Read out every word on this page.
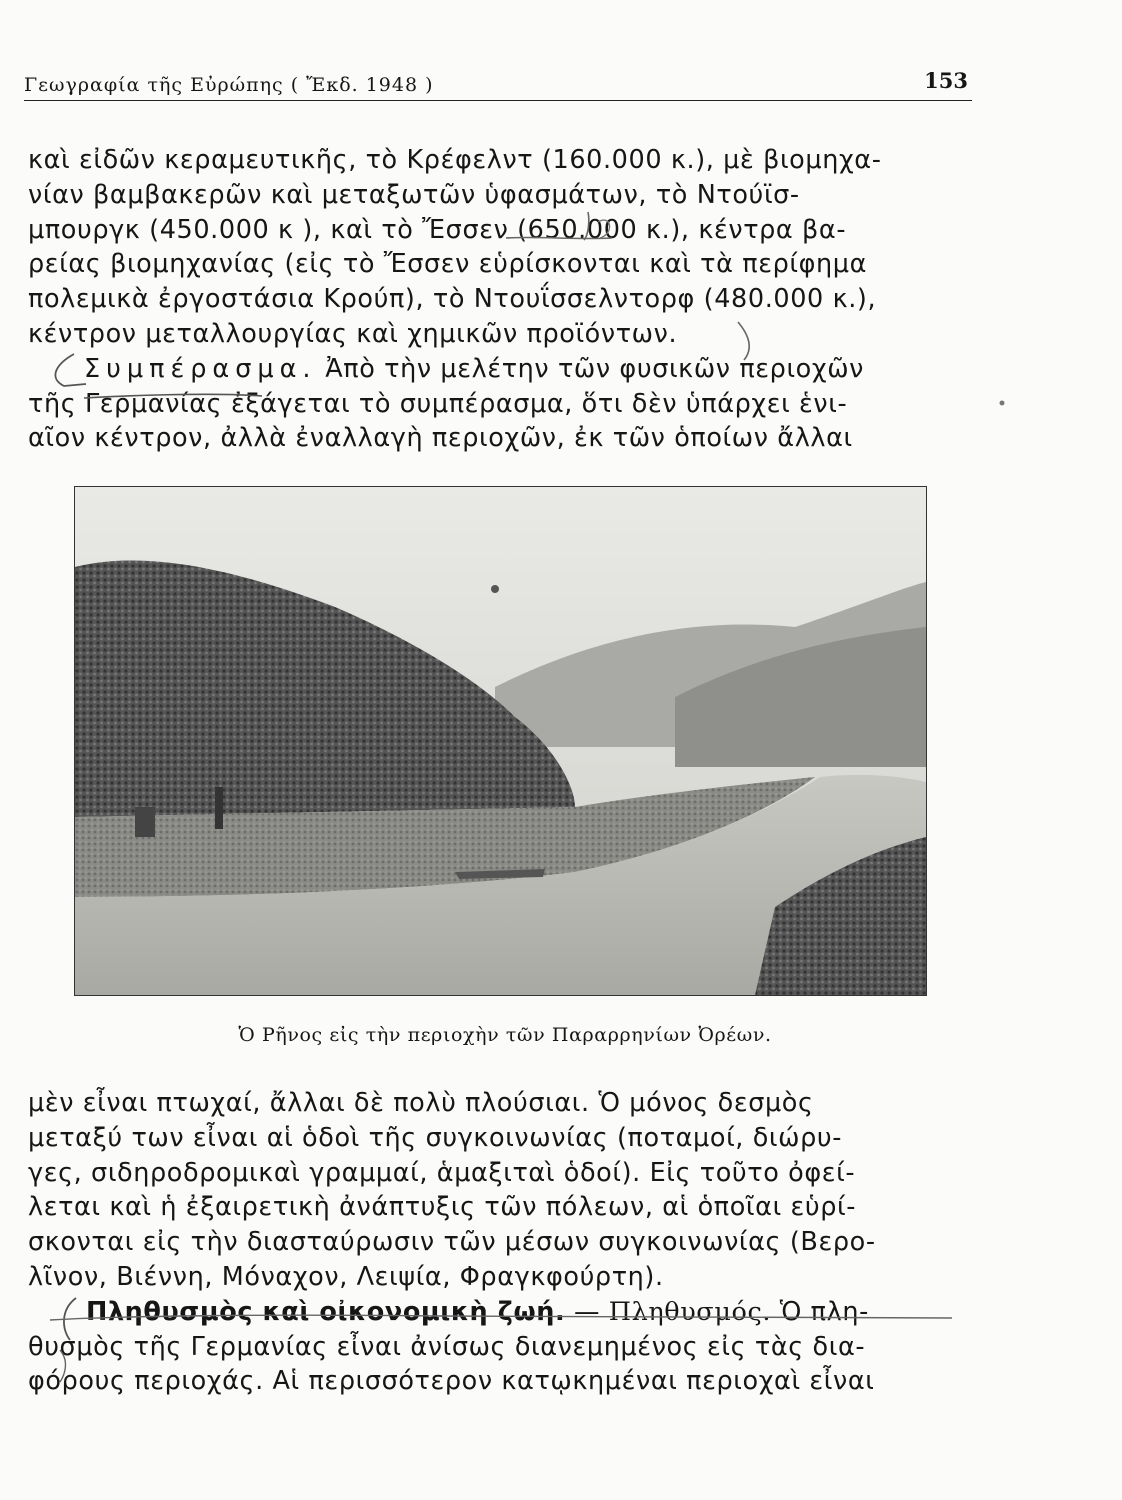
Γεωγραφία τῆς Εὐρώπης ( Ἔκδ. 1948 )	153
καὶ εἰδῶν κεραμευτικῆς, τὸ Κρέφελντ (160.000 κ.), μὲ βιομηχα-
νίαν βαμβακερῶν καὶ μεταξωτῶν ὑφασμάτων, τὸ Ντούϊσ-
μπουργκ (450.000 κ ), καὶ τὸ Ἔσσεν (650.000 κ.), κέντρα βα-
ρείας βιομηχανίας (εἰς τὸ Ἔσσεν εὑρίσκονται καὶ τὰ περίφημα
πολεμικὰ ἐργοστάσια Κρούπ), τὸ Ντουΐσσελντορφ (480.000 κ.),
κέντρον μεταλλουργίας καὶ χημικῶν προϊόντων.
Συμπέρασμα. Ἀπὸ τὴν μελέτην τῶν φυσικῶν περιοχῶν
τῆς Γερμανίας ἐξάγεται τὸ συμπέρασμα, ὅτι δὲν ὑπάρχει ἑνι-
αῖον κέντρον, ἀλλὰ ἐναλλαγὴ περιοχῶν, ἐκ τῶν ὁποίων ἄλλαι
Ὁ Ρῆνος εἰς τὴν περιοχὴν τῶν Παραρρηνίων Ὀρέων.
μὲν εἶναι πτωχαί, ἄλλαι δὲ πολὺ πλούσιαι. Ὁ μόνος δεσμὸς
μεταξύ των εἶναι αἱ ὁδοὶ τῆς συγκοινωνίας (ποταμοί, διώρυ-
γες, σιδηροδρομικαὶ γραμμαί, ἁμαξιταὶ ὁδοί). Εἰς τοῦτο ὀφεί-
λεται καὶ ἡ ἐξαιρετικὴ ἀνάπτυξις τῶν πόλεων, αἱ ὁποῖαι εὑρί-
σκονται εἰς τὴν διασταύρωσιν τῶν μέσων συγκοινωνίας (Βερο-
λῖνον, Βιέννη, Μόναχον, Λειψία, Φραγκφούρτη).
Πληθυσμὸς καὶ οἰκονομικὴ ζωή. — Πληθυσμός. Ὁ πλη-
θυσμὸς τῆς Γερμανίας εἶναι ἀνίσως διανεμημένος εἰς τὰς δια-
φόρους περιοχάς. Αἱ περισσότερον κατῳκημέναι περιοχαὶ εἶναι
